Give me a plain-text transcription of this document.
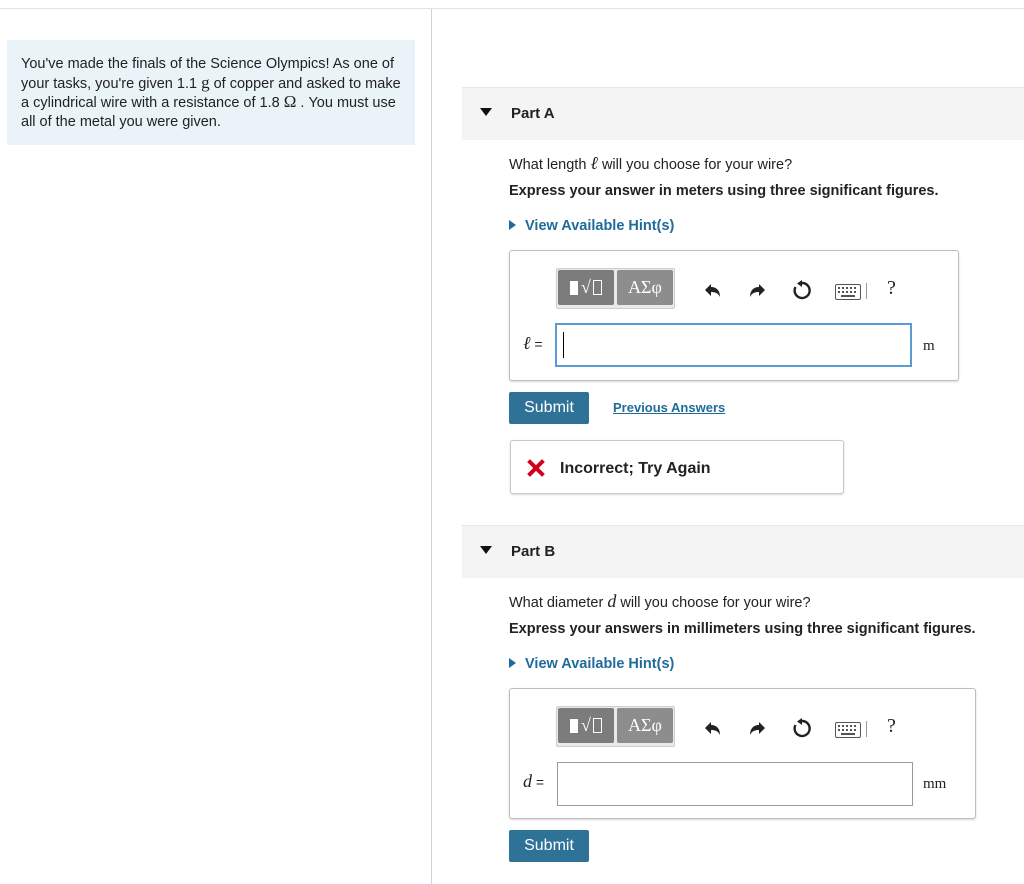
You've made the finals of the Science Olympics! As one of your tasks, you're given 1.1 g of copper and asked to make a cylindrical wire with a resistance of 1.8 Ω . You must use all of the metal you were given.	Part A
What length ℓ will you choose for your wire?
Express your answer in meters using three significant figures.
View Available Hint(s)
√	ΑΣφ	?
ℓ =	m
Submit	Previous Answers
Incorrect; Try Again
Part B
What diameter d will you choose for your wire?
Express your answers in millimeters using three significant figures.
View Available Hint(s)
√	ΑΣφ	?
d =	mm
Submit
